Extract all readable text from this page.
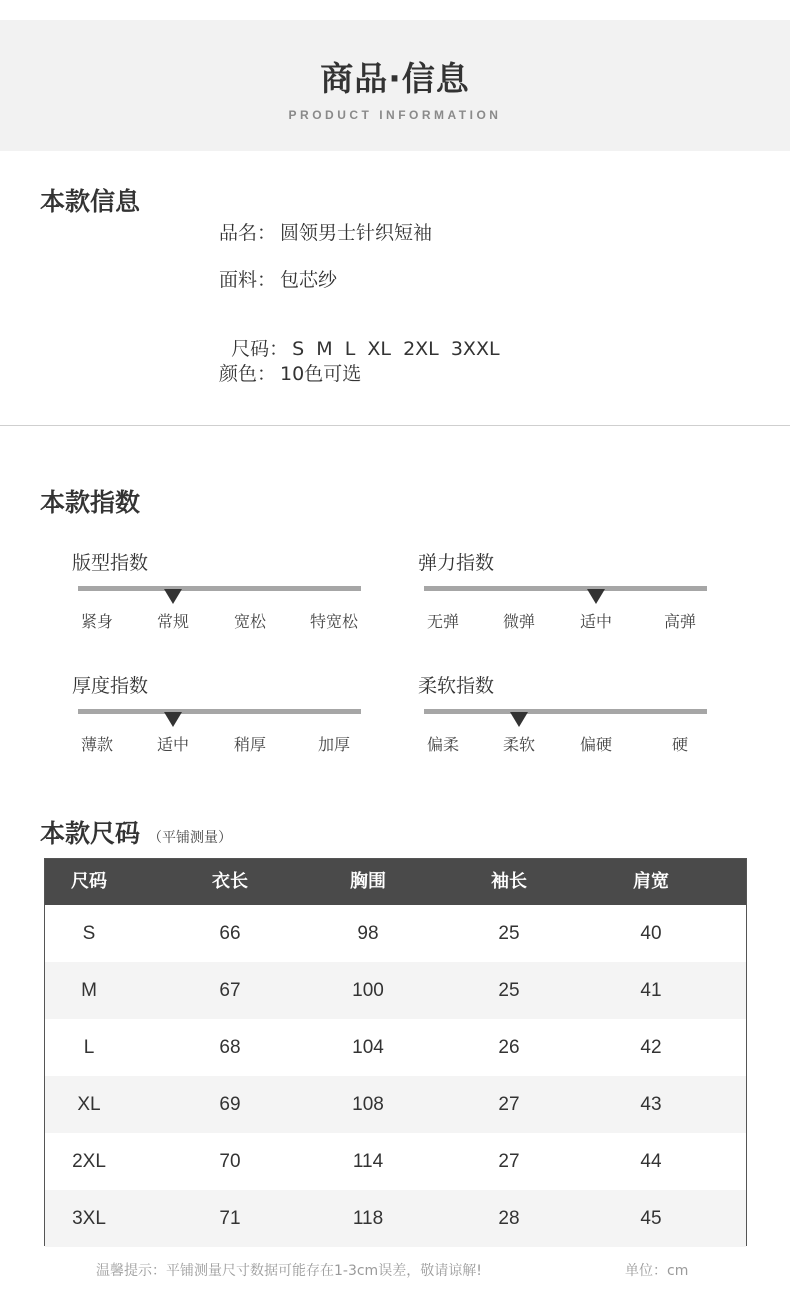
商品·信息
PRODUCT INFORMATION
本款信息
品名： 圆领男士针织短袖
面料： 包芯纱

尺码： S  M  L  XL  2XL  3XXL

颜色： 10色可选
本款指数
版型指数
紧身	常规	宽松	特宽松
弹力指数
无弹	微弹	适中	高弹
厚度指数
薄款	适中	稍厚	加厚
柔软指数
偏柔	柔软	偏硬	硬
本款尺码 （平铺测量）
尺码	衣长	胸围	袖长	肩宽
S	66	98	25	40
M	67	100	25	41
L	68	104	26	42
XL	69	108	27	43
2XL	70	114	27	44
3XL	71	118	28	45
温馨提示：平铺测量尺寸数据可能存在1-3cm误差，敬请谅解!	单位：cm
